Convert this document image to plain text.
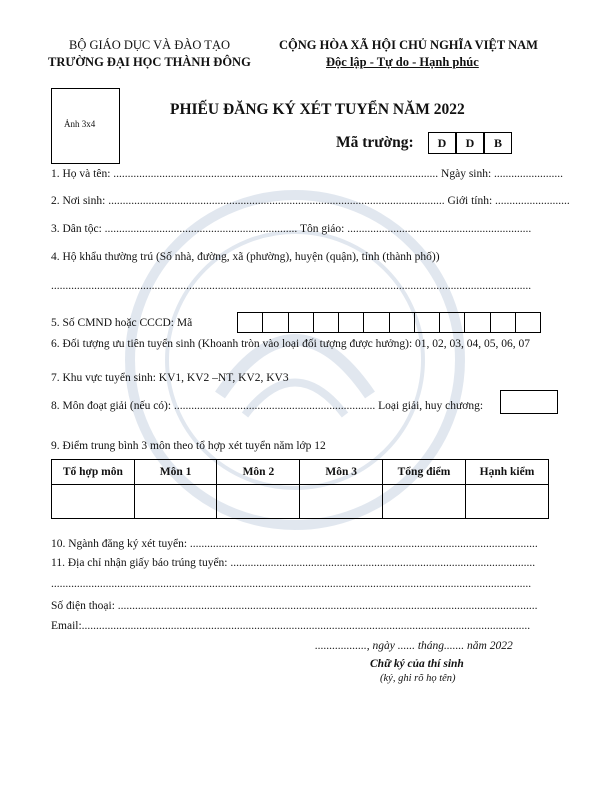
BỘ GIÁO DỤC VÀ ĐÀO TẠO
TRƯỜNG ĐẠI HỌC THÀNH ĐÔNG
CỘNG HÒA XÃ HỘI CHỦ NGHĨA VIỆT NAM
Độc lập - Tự do - Hạnh phúc
Ảnh 3x4
PHIẾU ĐĂNG KÝ XÉT TUYỂN NĂM 2022
Mã trường:	D	D	B
1. Họ và tên: ................................................................................................................. Ngày sinh: ........................
2. Nơi sinh: ..................................................................................................................... Giới tính: ..........................
3. Dân tộc: ................................................................... Tôn giáo: ................................................................
4. Hộ khẩu thường trú (Số nhà, đường, xã (phường), huyện (quận), tỉnh (thành phố))
.......................................................................................................................................................................
5. Số CMND hoặc CCCD: Mã
6. Đối tượng ưu tiên tuyển sinh (Khoanh tròn vào loại đối tượng được hưởng): 01, 02, 03, 04, 05, 06, 07
7. Khu vực tuyển sinh: KV1, KV2 –NT, KV2, KV3
8. Môn đoạt giải (nếu có): ...................................................................... Loại giải, huy chương:
9. Điểm trung bình 3 môn theo tổ hợp xét tuyển năm lớp 12
Tổ hợp môn	Môn 1	Môn 2	Môn 3	Tổng điểm	Hạnh kiểm

10. Ngành đăng ký xét tuyển: .........................................................................................................................
11. Địa chỉ nhận giấy báo trúng tuyển: ..........................................................................................................
.......................................................................................................................................................................
Số điện thoại: ..................................................................................................................................................
Email:............................................................................................................................................................
.................., ngày ...... tháng....... năm 2022
Chữ ký của thí sinh
(ký, ghi rõ họ tên)
